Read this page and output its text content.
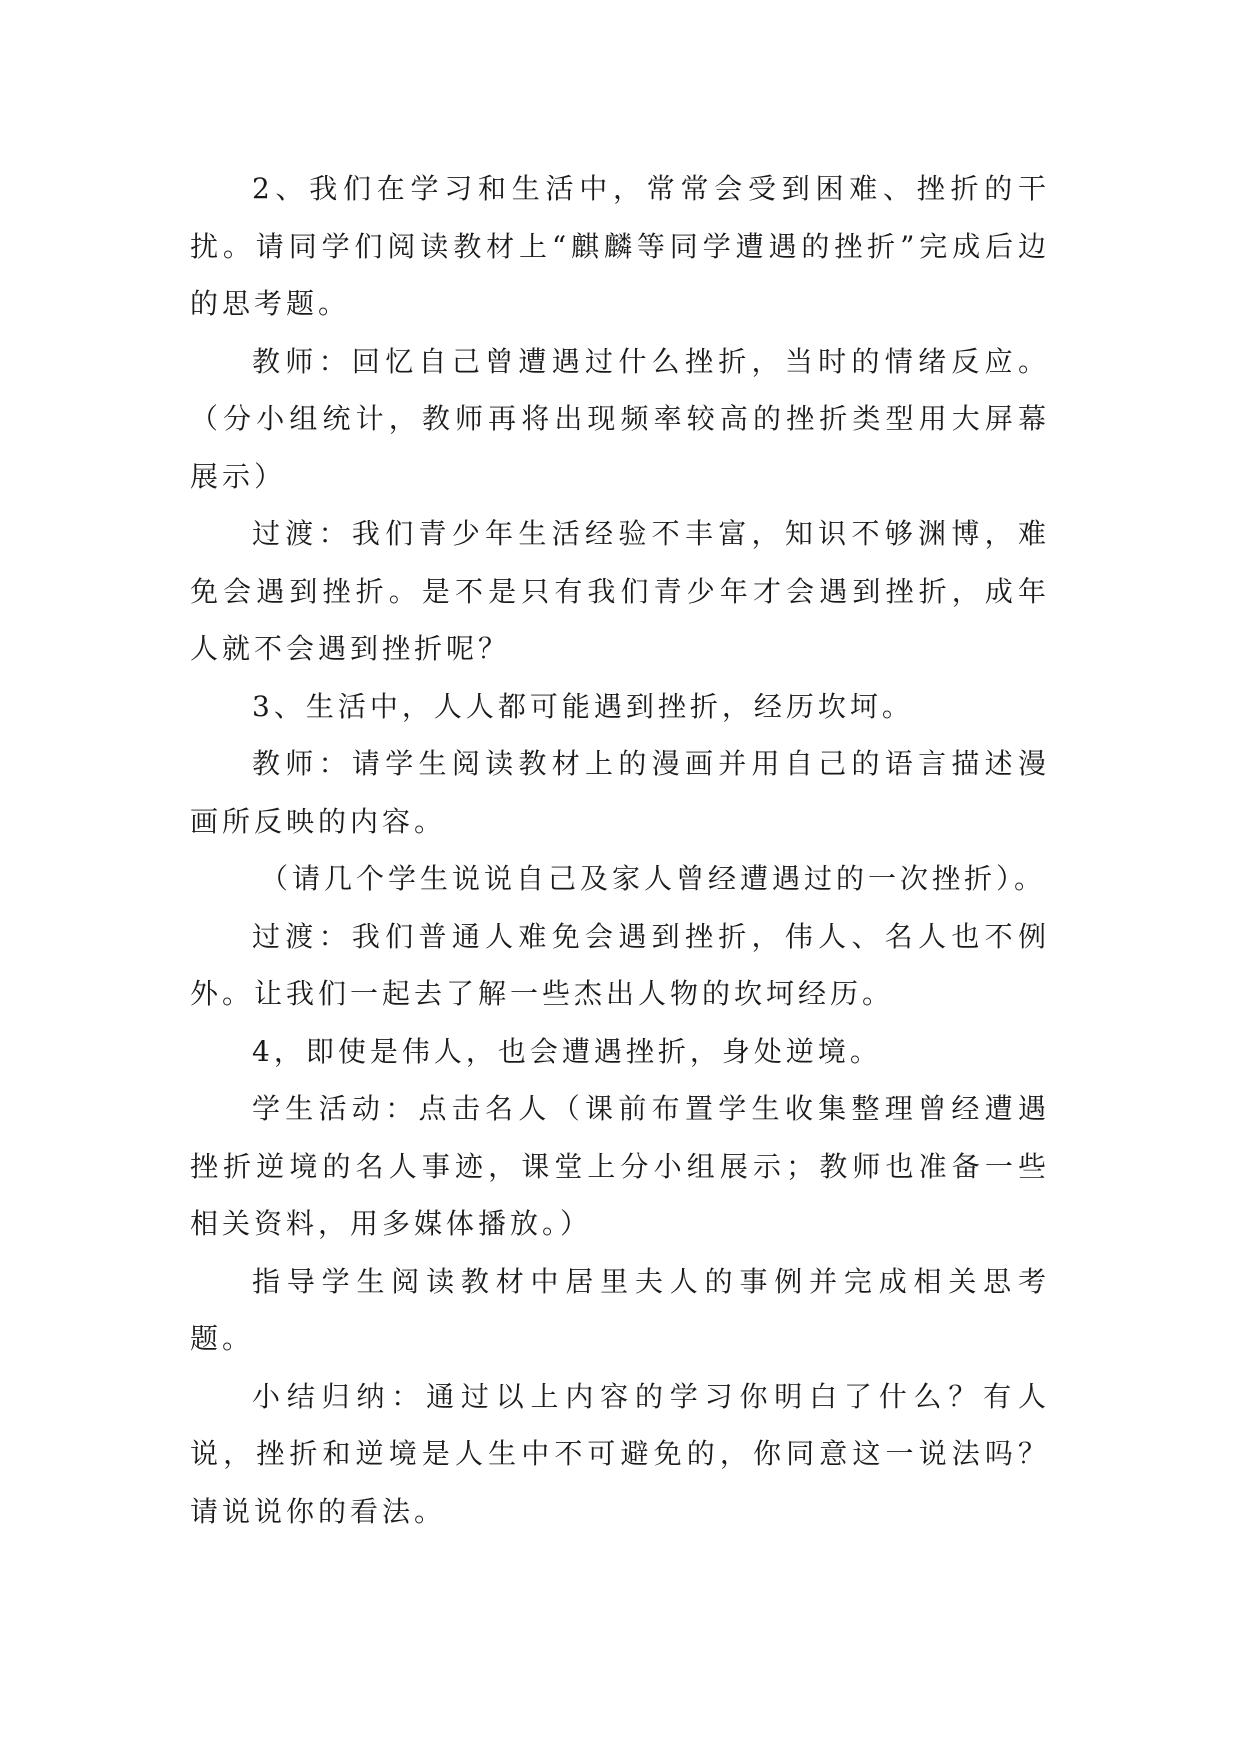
2、我们在学习和生活中，常常会受到困难、挫折的干扰。请同学们阅读教材上“麒麟等同学遭遇的挫折”完成后边的思考题。

教师：回忆自己曾遭遇过什么挫折，当时的情绪反应。（分小组统计，教师再将出现频率较高的挫折类型用大屏幕展示）

过渡：我们青少年生活经验不丰富，知识不够渊博，难免会遇到挫折。是不是只有我们青少年才会遇到挫折，成年人就不会遇到挫折呢？

3、生活中，人人都可能遇到挫折，经历坎坷。

教师：请学生阅读教材上的漫画并用自己的语言描述漫画所反映的内容。

（请几个学生说说自己及家人曾经遭遇过的一次挫折）。

过渡：我们普通人难免会遇到挫折，伟人、名人也不例外。让我们一起去了解一些杰出人物的坎坷经历。

4，即使是伟人，也会遭遇挫折，身处逆境。

学生活动：点击名人（课前布置学生收集整理曾经遭遇挫折逆境的名人事迹，课堂上分小组展示；教师也准备一些相关资料，用多媒体播放。）

指导学生阅读教材中居里夫人的事例并完成相关思考题。

小结归纳：通过以上内容的学习你明白了什么？有人说，挫折和逆境是人生中不可避免的，你同意这一说法吗？请说说你的看法。
